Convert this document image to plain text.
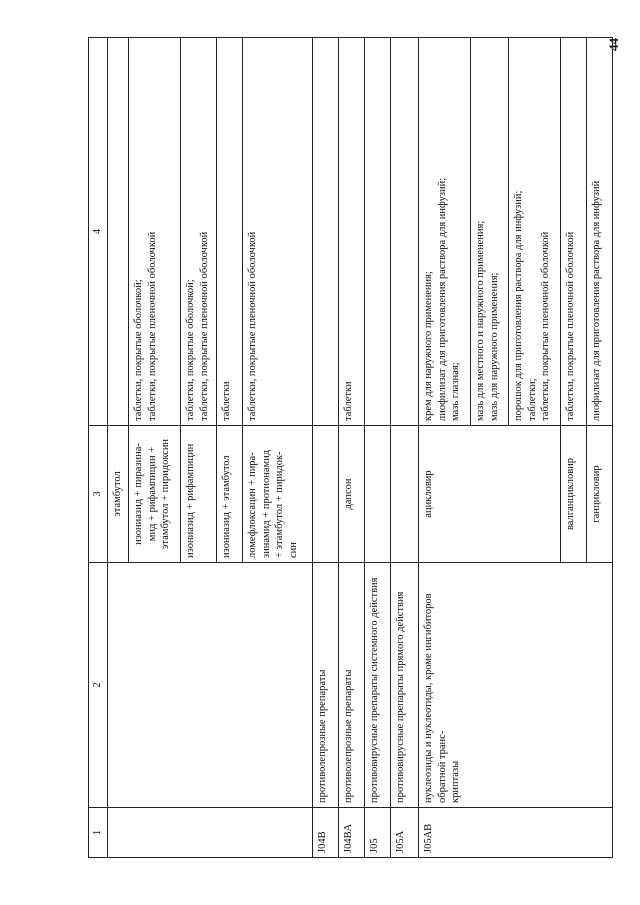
44
1	2	3	4
		этамбутол	

		изониазид + пиразина- мид + рифампицин + этамбутол + пиридоксин	таблетки, покрытые оболочкой; таблетки, покрытые пленочной оболочкой

		изониазид + рифампицин	таблетки, покрытые оболочкой; таблетки, покрытые пленочной оболочкой

		изониазид + этамбутол	таблетки

		ломефлоксацин + пира- зинамид + протионамид + этамбутол + пиридок- син	таблетки, покрытые пленочной оболочкой
J04B	противолепрозные препараты		
J04BA	противолепрозные препараты	дапсон	таблетки
J05	противовирусные препараты системного действия		
J05A	противовирусные препараты прямого действия		
J05AB	нуклеозиды и нуклеотиды, кроме ингибиторов обратной транс- криптазы	ацикловир	крем для наружного применения; лиофилизат для приготовления раствора для инфузий; мазь глазная;

			мазь для местного и наружного применения; мазь для наружного применения;

			порошок для приготовления раствора для инфузий; таблетки; таблетки, покрытые пленочной оболочкой

		валганцикловир	таблетки, покрытые пленочной оболочкой
		ганцикловир	лиофилизат для приготовления раствора для инфузий
